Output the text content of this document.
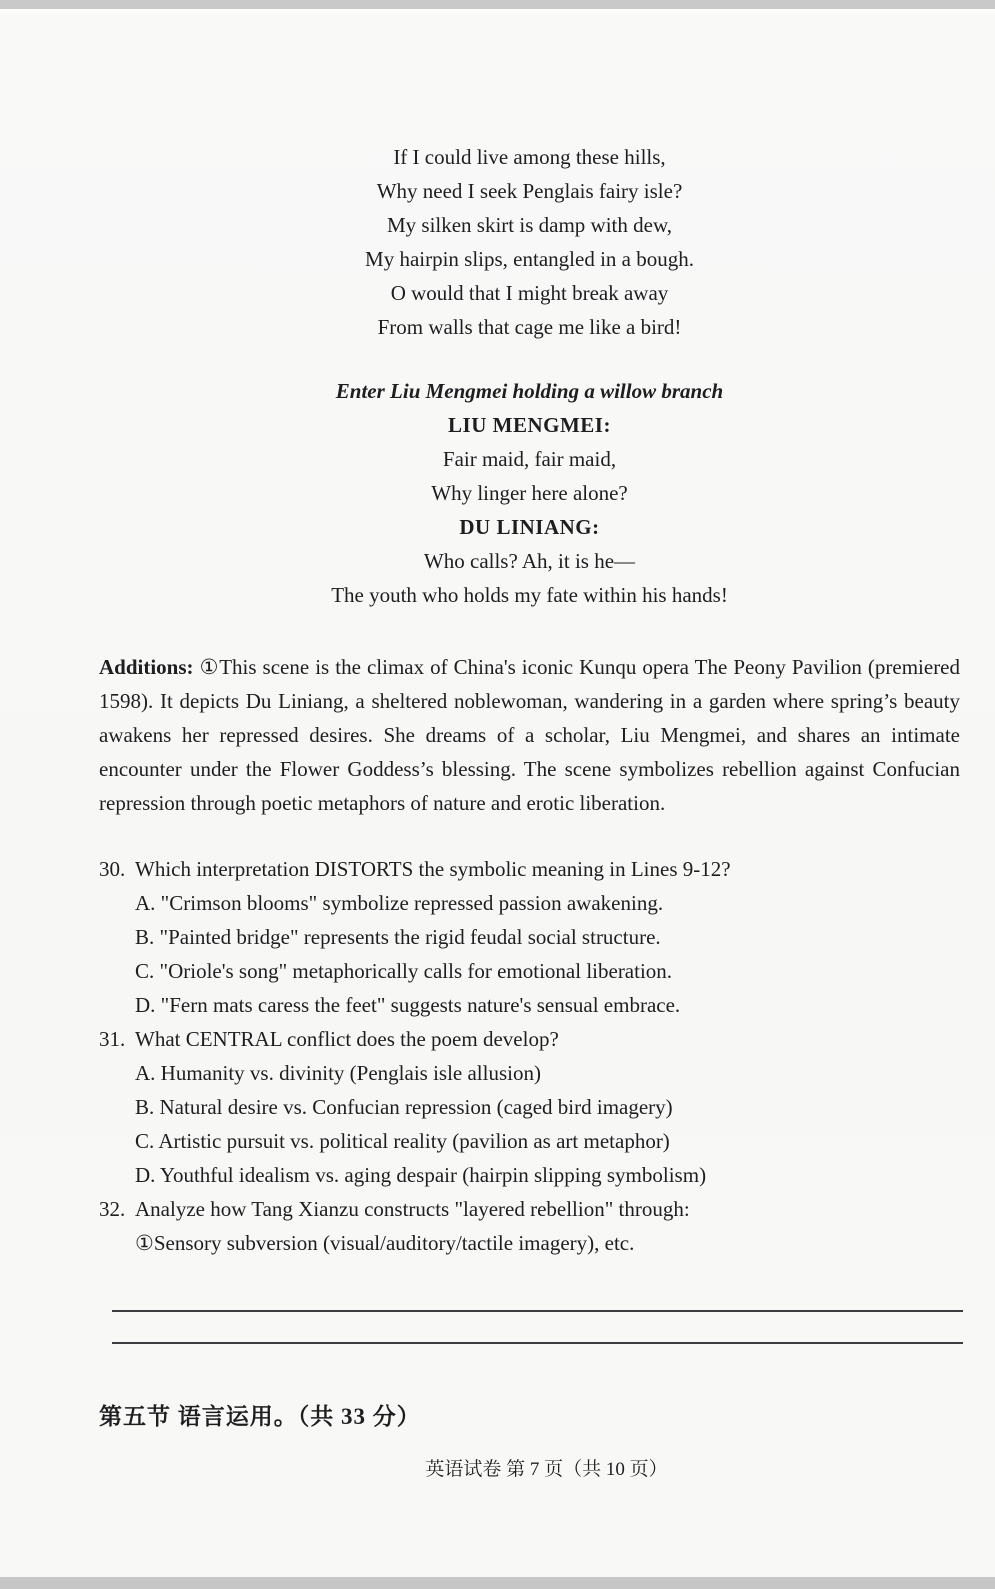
If I could live among these hills,
Why need I seek Penglais fairy isle?
My silken skirt is damp with dew,
My hairpin slips, entangled in a bough.
O would that I might break away
From walls that cage me like a bird!
Enter Liu Mengmei holding a willow branch
LIU MENGMEI:
Fair maid, fair maid,
Why linger here alone?
DU LINIANG:
Who calls? Ah, it is he—
The youth who holds my fate within his hands!
Additions: ①This scene is the climax of China's iconic Kunqu opera The Peony Pavilion (premiered 1598). It depicts Du Liniang, a sheltered noblewoman, wandering in a garden where spring’s beauty awakens her repressed desires. She dreams of a scholar, Liu Mengmei, and shares an intimate encounter under the Flower Goddess’s blessing. The scene symbolizes rebellion against Confucian repression through poetic metaphors of nature and erotic liberation.
30. Which interpretation DISTORTS the symbolic meaning in Lines 9-12?
A. "Crimson blooms" symbolize repressed passion awakening.
B. "Painted bridge" represents the rigid feudal social structure.
C. "Oriole's song" metaphorically calls for emotional liberation.
D. "Fern mats caress the feet" suggests nature's sensual embrace.
31. What CENTRAL conflict does the poem develop?
A. Humanity vs. divinity (Penglais isle allusion)
B. Natural desire vs. Confucian repression (caged bird imagery)
C. Artistic pursuit vs. political reality (pavilion as art metaphor)
D. Youthful idealism vs. aging despair (hairpin slipping symbolism)
32. Analyze how Tang Xianzu constructs "layered rebellion" through:
①Sensory subversion (visual/auditory/tactile imagery), etc.
第五节 语言运用。（共 33 分）
英语试卷 第 7 页（共 10 页）
